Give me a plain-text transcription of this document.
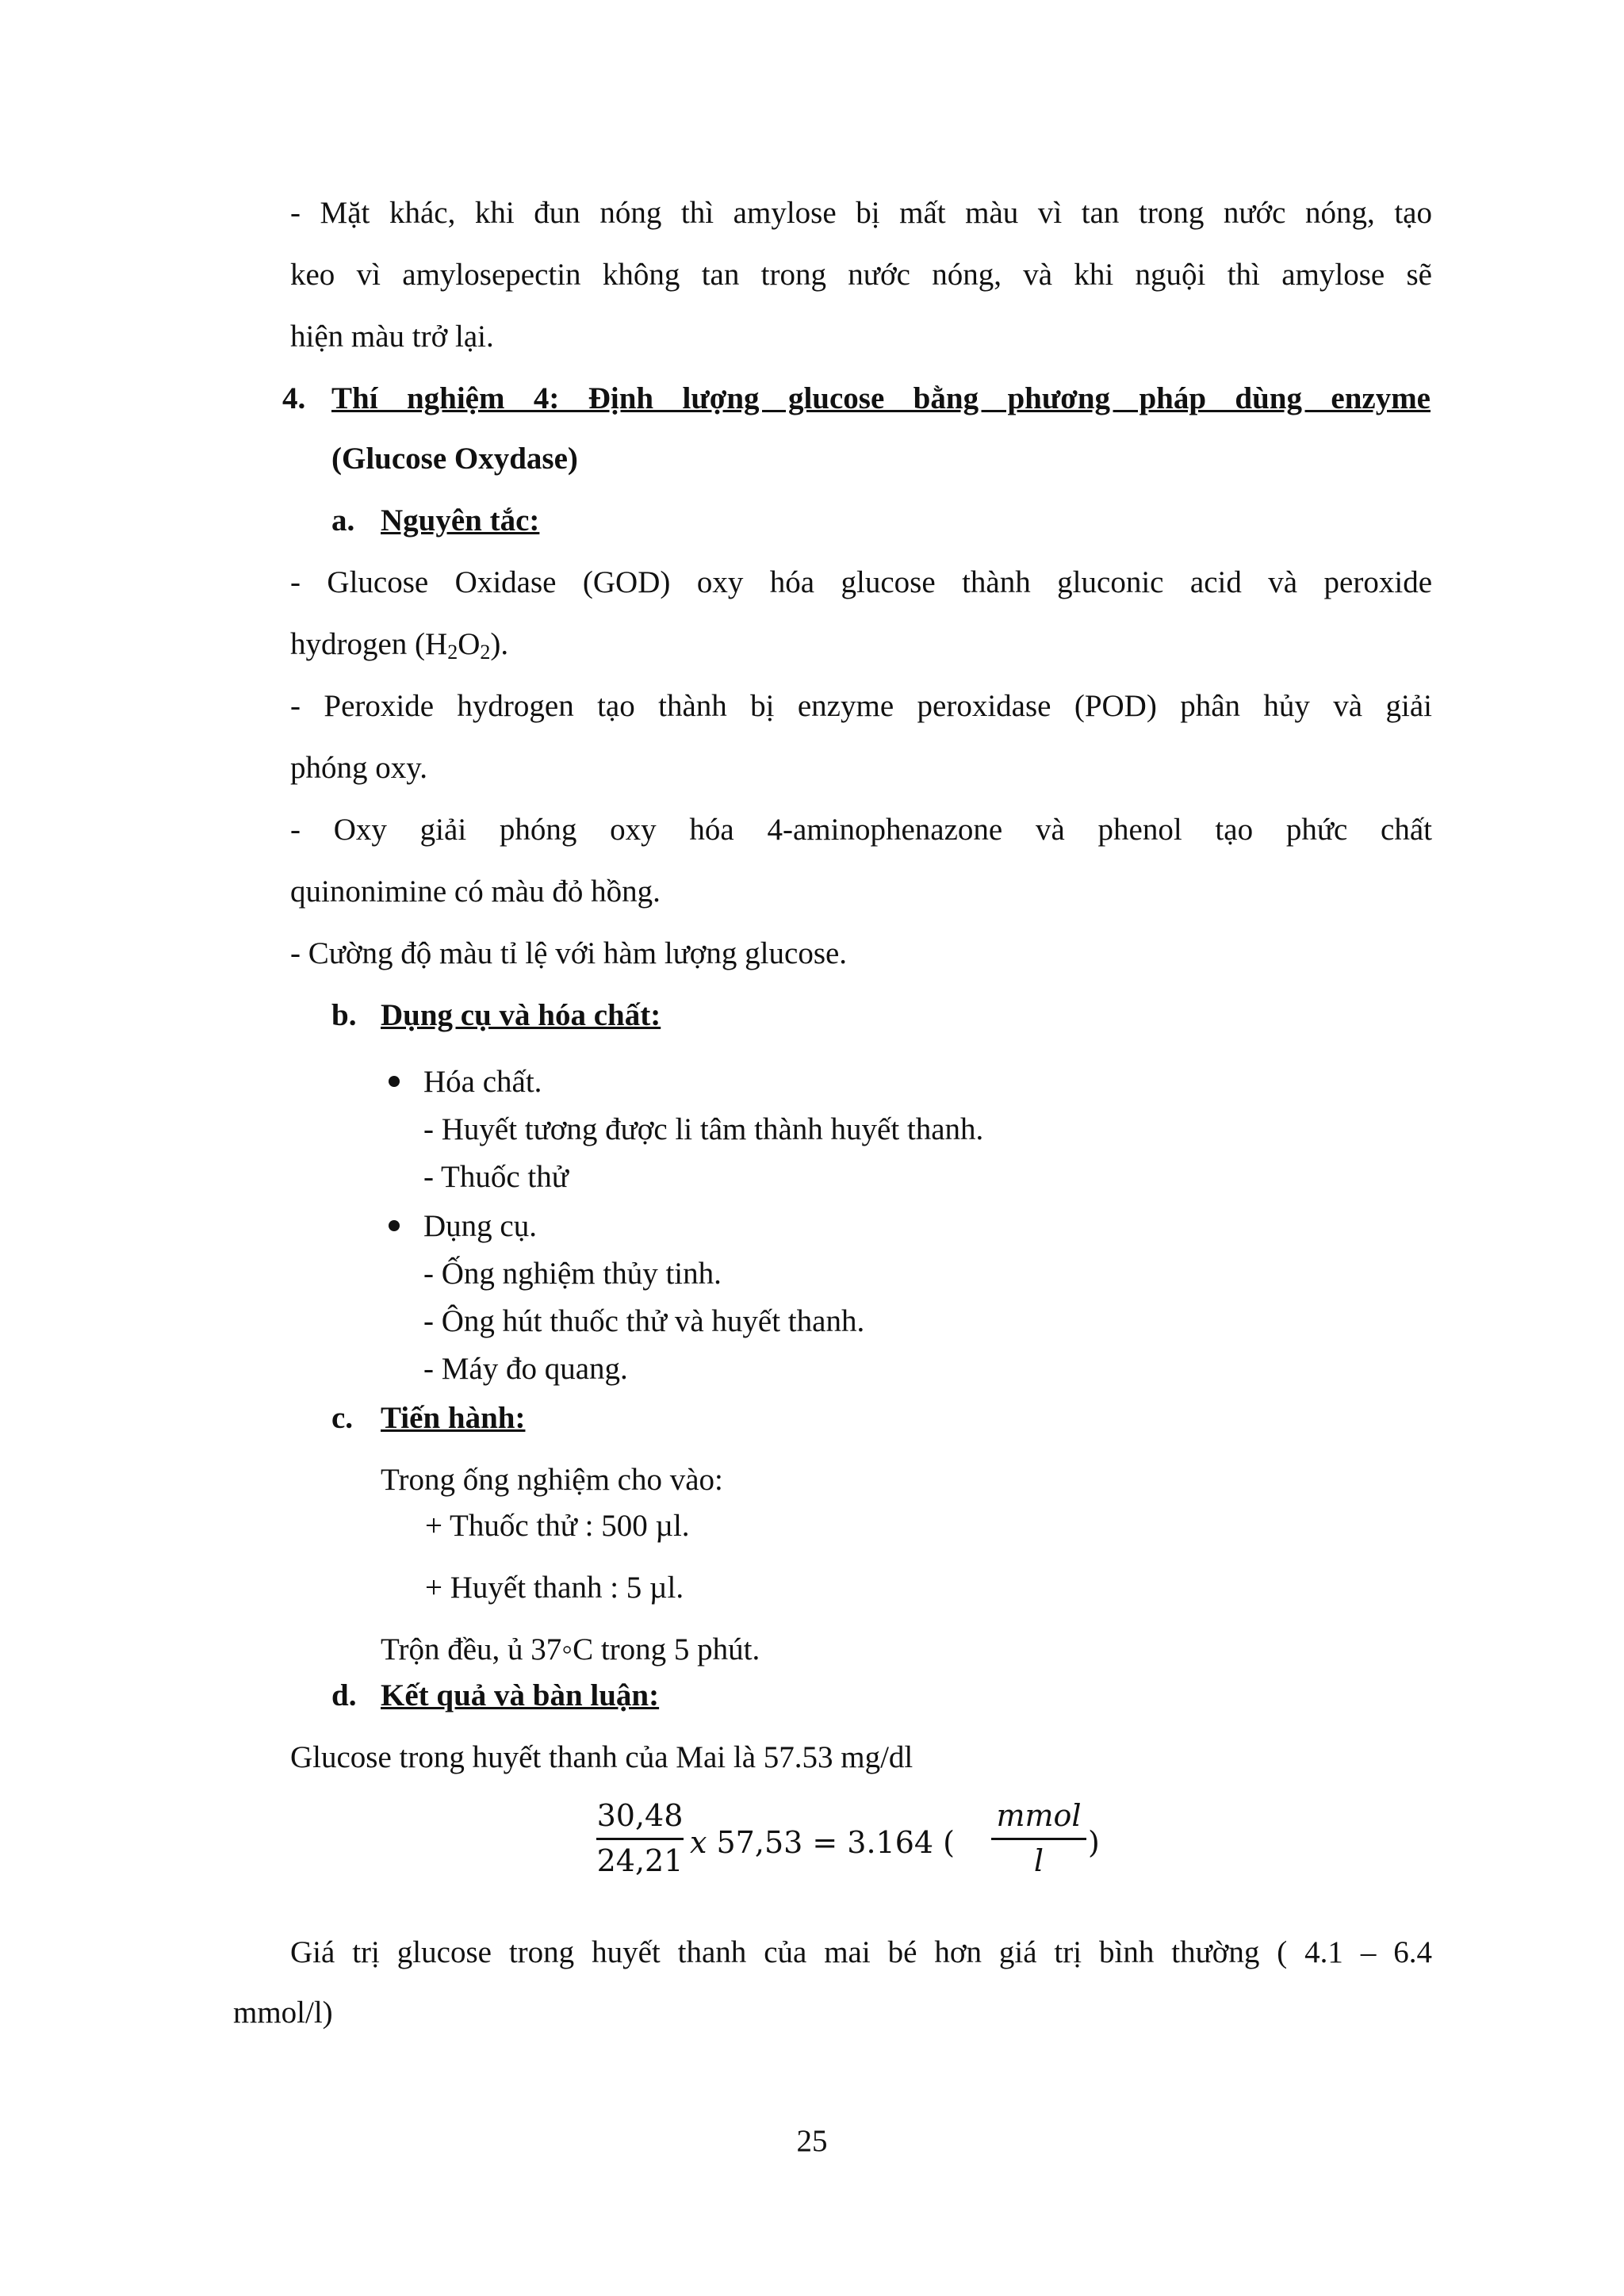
- Mặt khác, khi đun nóng thì amylose bị mất màu vì tan trong nước nóng, tạo
keo vì amylosepectin không tan trong nước nóng, và khi nguội thì amylose sẽ
hiện màu trở lại.
4. Thí nghiệm 4: Định lượng glucose bằng phương pháp dùng enzyme
(Glucose Oxydase)
a. Nguyên tắc:
- Glucose Oxidase (GOD) oxy hóa glucose thành gluconic acid và peroxide
hydrogen $(H_2O_2)$.
- Peroxide hydrogen tạo thành bị enzyme peroxidase (POD) phân hủy và giải
phóng oxy.
- Oxy giải phóng oxy hóa 4-aminophenazone và phenol tạo phức chất
quinonimine có màu đỏ hồng.
- Cường độ màu tỉ lệ với hàm lượng glucose.
b. Dụng cụ và hóa chất:
Hóa chất.
- Huyết tương được li tâm thành huyết thanh.
- Thuốc thử
Dụng cụ.
- Ống nghiệm thủy tinh.
- Ông hút thuốc thử và huyết thanh.
- Máy đo quang.
c. Tiến hành:
Trong ống nghiệm cho vào:
+ Thuốc thử : 500 µl.
+ Huyết thanh : 5 µl.
Trộn đều, ủ 37◦C trong 5 phút.
d. Kết quả và bàn luận:
Glucose trong huyết thanh của Mai là 57.53 mg/dl
30,48
24,21
𝑥 57,53 = 3.164 (
mmol
l
)
Giá trị glucose trong huyết thanh của mai bé hơn giá trị bình thường ( 4.1 – 6.4
mmol/l)
25
